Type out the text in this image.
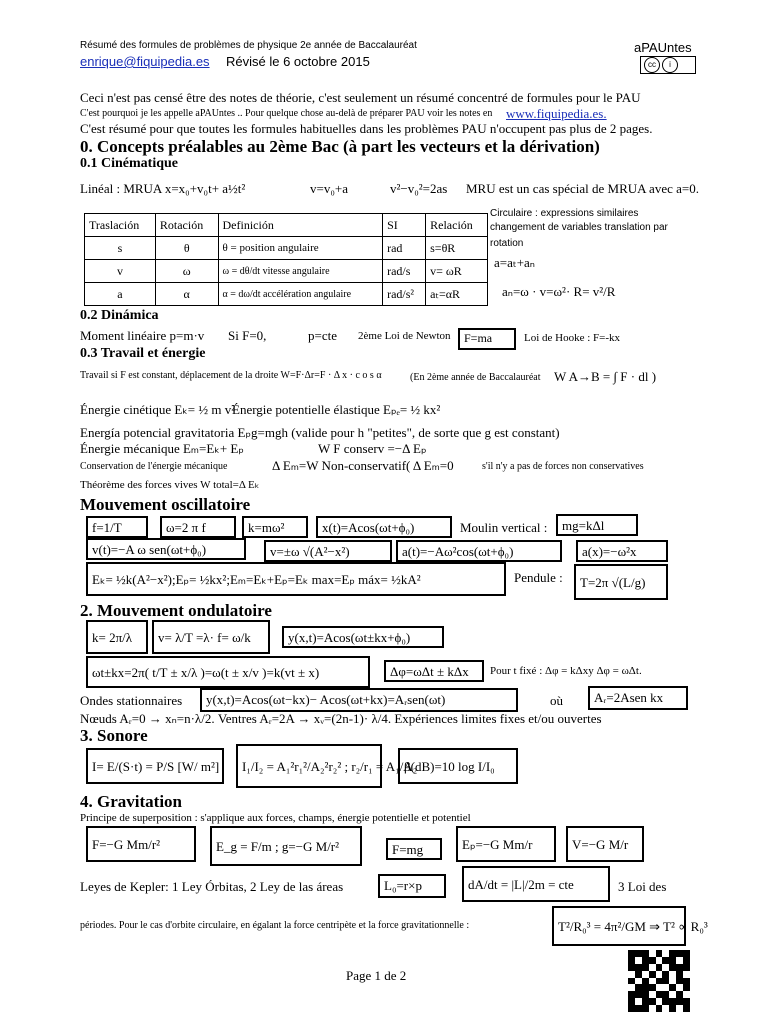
Résumé des formules de problèmes de physique 2e année de Baccalauréat
enrique@fiquipedia.es Révisé le 6 octobre 2015
aPAUntes
cc	i
Ceci n'est pas censé être des notes de théorie, c'est seulement un résumé concentré de formules pour le PAU
C'est pourquoi je les appelle aPAUntes .. Pour quelque chose au-delà de préparer PAU voir les notes en www.fiquipedia.es.
C'est résumé pour que toutes les formules habituelles dans les problèmes PAU n'occupent pas plus de 2 pages.
0. Concepts préalables au 2ème Bac (à part les vecteurs et la dérivation)
0.1 Cinématique
Linéal : MRUA x=x₀+v₀t+ a½t²	v=v₀+a	v²−v₀²=2as MRU est un cas spécial de MRUA avec a=0.
Traslación	Rotación	Definición	SI	Relación
s	θ	θ = position angulaire	rad	s=θR
v	ω	ω = dθ/dt vitesse angulaire	rad/s	v= ωR
a	α	α = dω/dt accélération angulaire	rad/s²	aₜ=αR
Circulaire : expressions similaires
changement de variables translation par
rotation
a=aₜ+aₙ
aₙ=ω · v=ω²· R= v²/R
0.2 Dinámica
Moment linéaire p=m·v Si F=0,	p=cte 2ème Loi de Newton	F=ma	Loi de Hooke : F=-kx
0.3 Travail et énergie
Travail si F est constant, déplacement de la droite W=F·Δr=F · Δ x · c o s α	(En 2ème année de Baccalauréat W A→B = ∫ F · dl )
Énergie cinétique Eₖ= ½ m v²
Énergie potentielle élastique Eₚₑ= ½ kx²
Energía potencial gravitatoria Eₚg=mgh (valide pour h "petites", de sorte que g est constant)
Énergie mécanique Eₘ=Eₖ+ Eₚ	W F conserv =−Δ Eₚ
Conservation de l'énergie mécanique	Δ Eₘ=W Non-conservatif ( Δ Eₘ=0	s'il n'y a pas de forces non conservatives
Théorème des forces vives W total=Δ Eₖ
Mouvement oscillatoire
f=1/T	ω=2 π f	k=mω²	x(t)=Acos(ωt+ϕ₀)	Moulin vertical :	mg=kΔl
v(t)=−A ω sen(ωt+ϕ₀)	v=±ω √(A²−x²)	a(t)=−Aω²cos(ωt+ϕ₀)	a(x)=−ω²x
Eₖ= ½k(A²−x²);Eₚ= ½kx²;Eₘ=Eₖ+Eₚ=Eₖ max=Eₚ máx= ½kA²	Pendule :	T=2π √(L/g)
2. Mouvement ondulatoire
k= 2π/λ	v= λ/T =λ· f= ω/k	y(x,t)=Acos(ωt±kx+ϕ₀)
ωt±kx=2π( t/T ± x/λ )=ω(t ± x/v )=k(vt ± x)	Δφ=ωΔt ± kΔx	Pour t fixé : Δφ = kΔxy Δφ = ωΔt.
Ondes stationnaires	y(x,t)=Acos(ωt−kx)− Acos(ωt+kx)=Aᵣsen(ωt)	où	Aᵣ=2Asen kx
Nœuds Aᵣ=0 → xₙ=n·λ/2. Ventres Aᵣ=2A → xᵥ=(2n-1)· λ/4. Expériences limites fixes et/ou ouvertes
3. Sonore
I= E/(S·t) = P/S [W/ m²]	I₁/I₂ = A₁²r₁²/A₂²r₂² ; r₂/r₁ = A₁/A₂
β(dB)=10 log I/I₀
4. Gravitation
Principe de superposition : s'applique aux forces, champs, énergie potentielle et potentiel
F=−G Mm/r²	E_g = F/m ; g=−G M/r²	F=mg	Eₚ=−G Mm/r	V=−G M/r
Leyes de Kepler: 1 Ley Órbitas, 2 Ley de las áreas	L₀=r×p	dA/dt = |L|/2m = cte	3 Loi des
périodes. Pour le cas d'orbite circulaire, en égalant la force centripète et la force gravitationnelle :	T²/R₀³ = 4π²/GM ⇒ T² ∝ R₀³
Page 1 de 2
